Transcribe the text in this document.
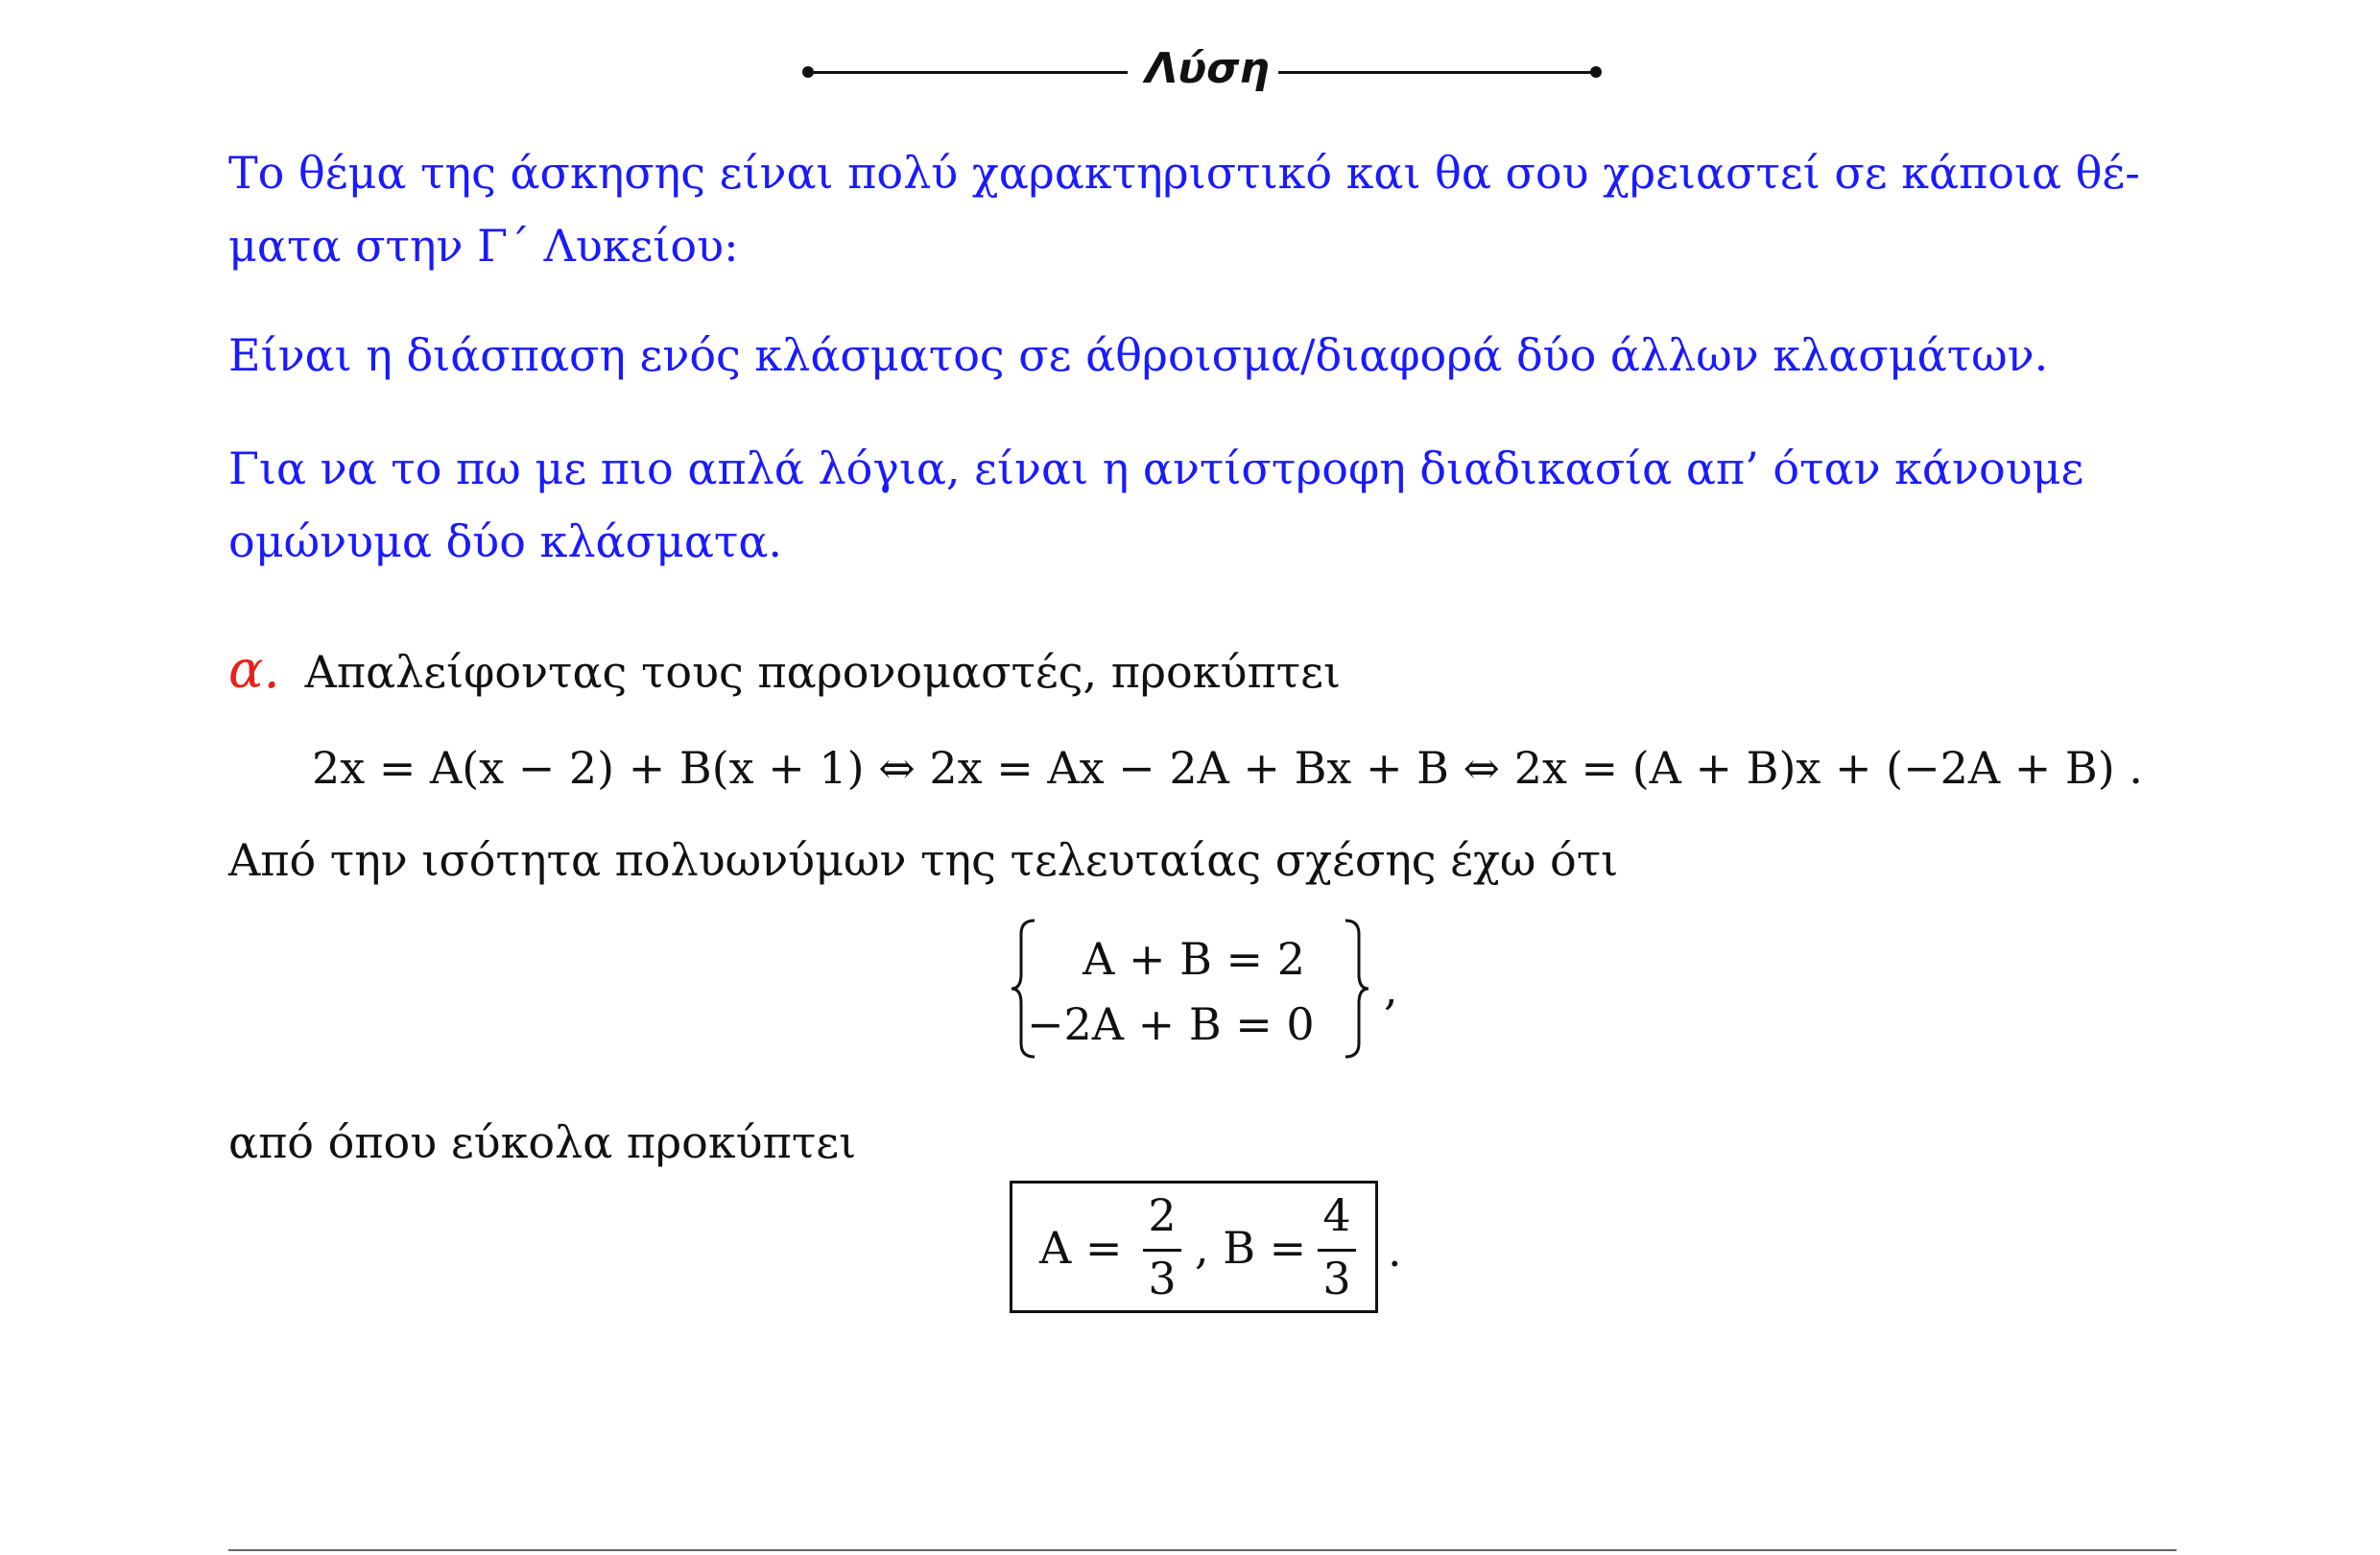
Λύση
Το θέμα της άσκησης είναι πολύ χαρακτηριστικό και θα σου χρειαστεί σε κάποια θέ- ματα στην Γ΄ Λυκείου:
Είναι η διάσπαση ενός κλάσματος σε άθροισμα/διαφορά δύο άλλων κλασμάτων.
Για να το πω με πιο απλά λόγια, είναι η αντίστροφη διαδικασία απ’ όταν κάνουμε ομώνυμα δύο κλάσματα.
α. Απαλείφοντας τους παρονομαστές, προκύπτει
2x = A(x − 2) + B(x + 1) ⇔ 2x = Ax − 2A + Bx + B ⇔ 2x = (A + B)x + (−2A + B) .
Από την ισότητα πολυωνύμων της τελευταίας σχέσης έχω ότι
A + B = 2
−2A + B = 0
,
από όπου εύκολα προκύπτει
A =
2
3
, B =
4
3
.
